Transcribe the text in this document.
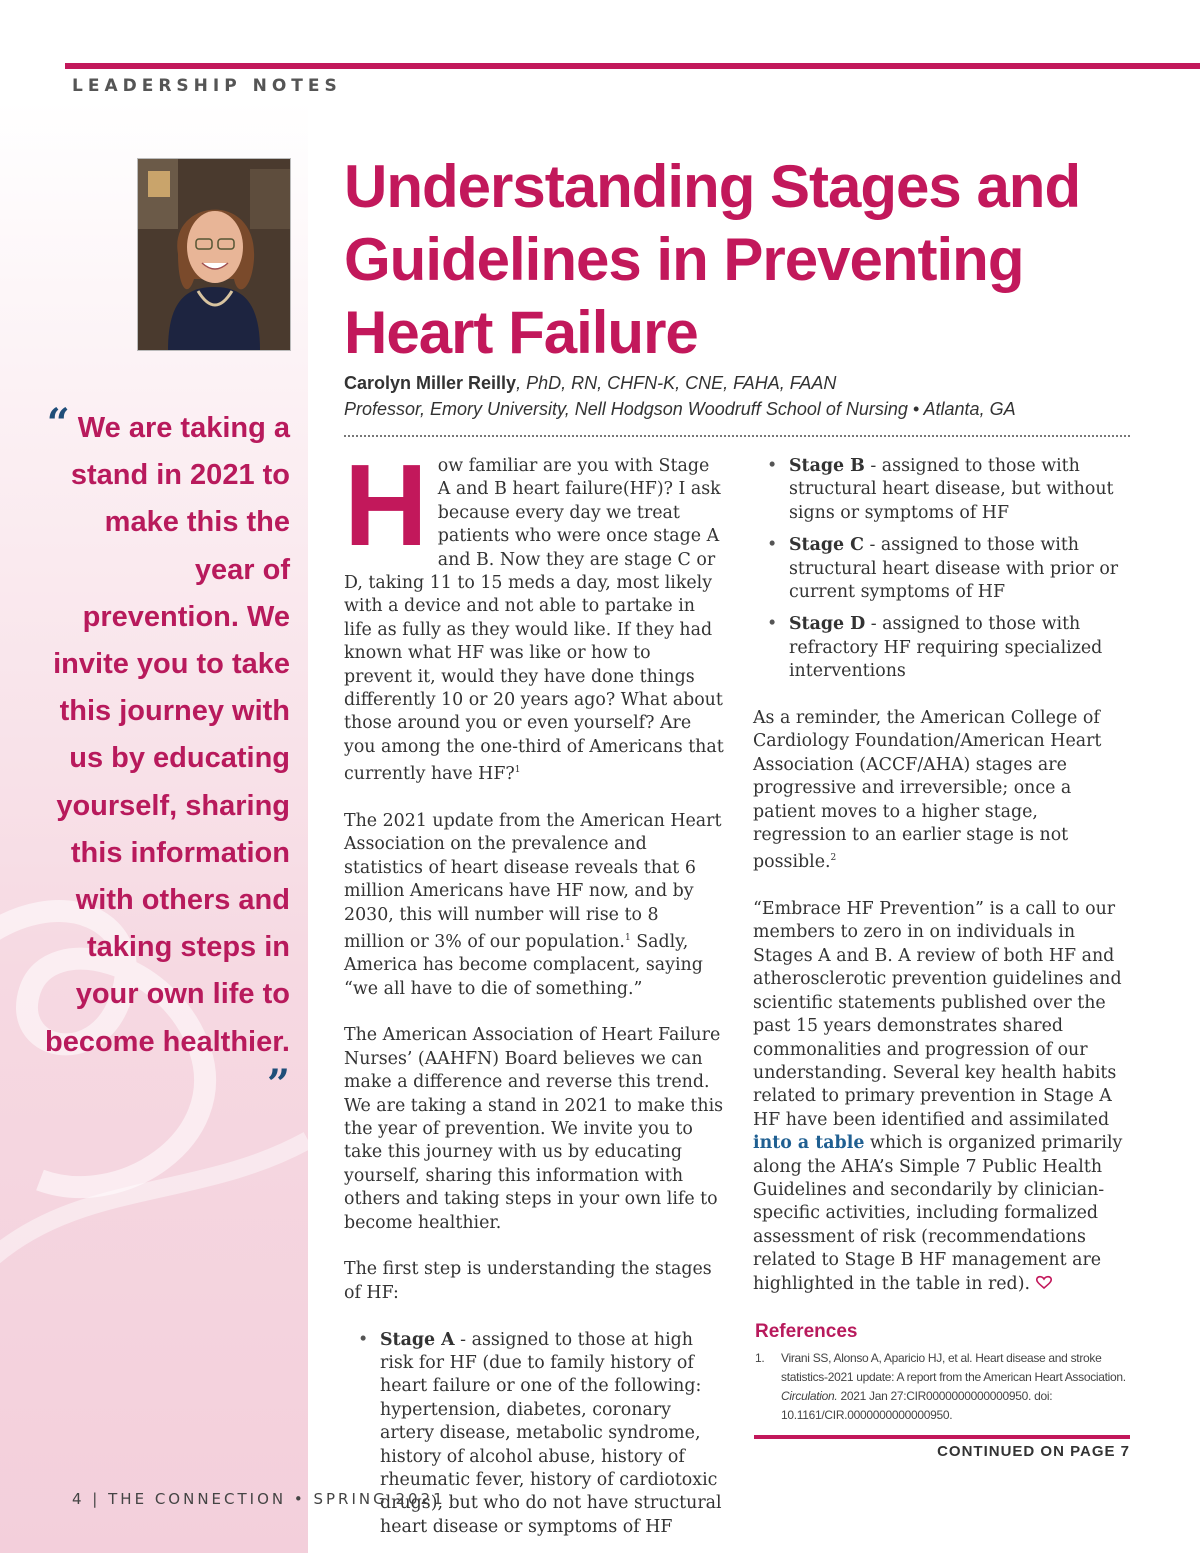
LEADERSHIP NOTES
Understanding Stages and Guidelines in Preventing Heart Failure
Carolyn Miller Reilly, PhD, RN, CHFN-K, CNE, FAHA, FAAN
Professor, Emory University, Nell Hodgson Woodruff School of Nursing • Atlanta, GA
“ We are taking a stand in 2021 to make this the year of prevention. We invite you to take this journey with us by educating yourself, sharing this information with others and taking steps in your own life to become healthier. ”

How familiar are you with Stage A and B heart failure(HF)? I ask because every day we treat patients who were once stage A and B. Now they are stage C or D, taking 11 to 15 meds a day, most likely with a device and not able to partake in life as fully as they would like. If they had known what HF was like or how to prevent it, would they have done things differently 10 or 20 years ago? What about those around you or even yourself? Are you among the one-third of Americans that currently have HF?$^1$

The 2021 update from the American Heart Association on the prevalence and statistics of heart disease reveals that 6 million Americans have HF now, and by 2030, this will number will rise to 8 million or 3% of our population.$^1$ Sadly, America has become complacent, saying “we all have to die of something.”

The American Association of Heart Failure Nurses’ (AAHFN) Board believes we can make a difference and reverse this trend. We are taking a stand in 2021 to make this the year of prevention. We invite you to take this journey with us by educating yourself, sharing this information with others and taking steps in your own life to become healthier.

The first step is understanding the stages of HF:

• Stage A - assigned to those at high risk for HF (due to family history of heart failure or one of the following: hypertension, diabetes, coronary artery disease, metabolic syndrome, history of alcohol abuse, history of rheumatic fever, history of cardiotoxic drugs), but who do not have structural heart disease or symptoms of HF
• Stage B - assigned to those with structural heart disease, but without signs or symptoms of HF
• Stage C - assigned to those with structural heart disease with prior or current symptoms of HF
• Stage D - assigned to those with refractory HF requiring specialized interventions

As a reminder, the American College of Cardiology Foundation/American Heart Association (ACCF/AHA) stages are progressive and irreversible; once a patient moves to a higher stage, regression to an earlier stage is not possible.$^2$

“Embrace HF Prevention” is a call to our members to zero in on individuals in Stages A and B. A review of both HF and atherosclerotic prevention guidelines and scientific statements published over the past 15 years demonstrates shared commonalities and progression of our understanding. Several key health habits related to primary prevention in Stage A HF have been identified and assimilated into a table which is organized primarily along the AHA’s Simple 7 Public Health Guidelines and secondarily by clinician-specific activities, including formalized assessment of risk (recommendations related to Stage B HF management are highlighted in the table in red).

References
1. Virani SS, Alonso A, Aparicio HJ, et al. Heart disease and stroke statistics-2021 update: A report from the American Heart Association. Circulation. 2021 Jan 27:CIR0000000000000950. doi: 10.1161/CIR.0000000000000950.
CONTINUED ON PAGE 7
4 | THE CONNECTION • SPRING 2021
